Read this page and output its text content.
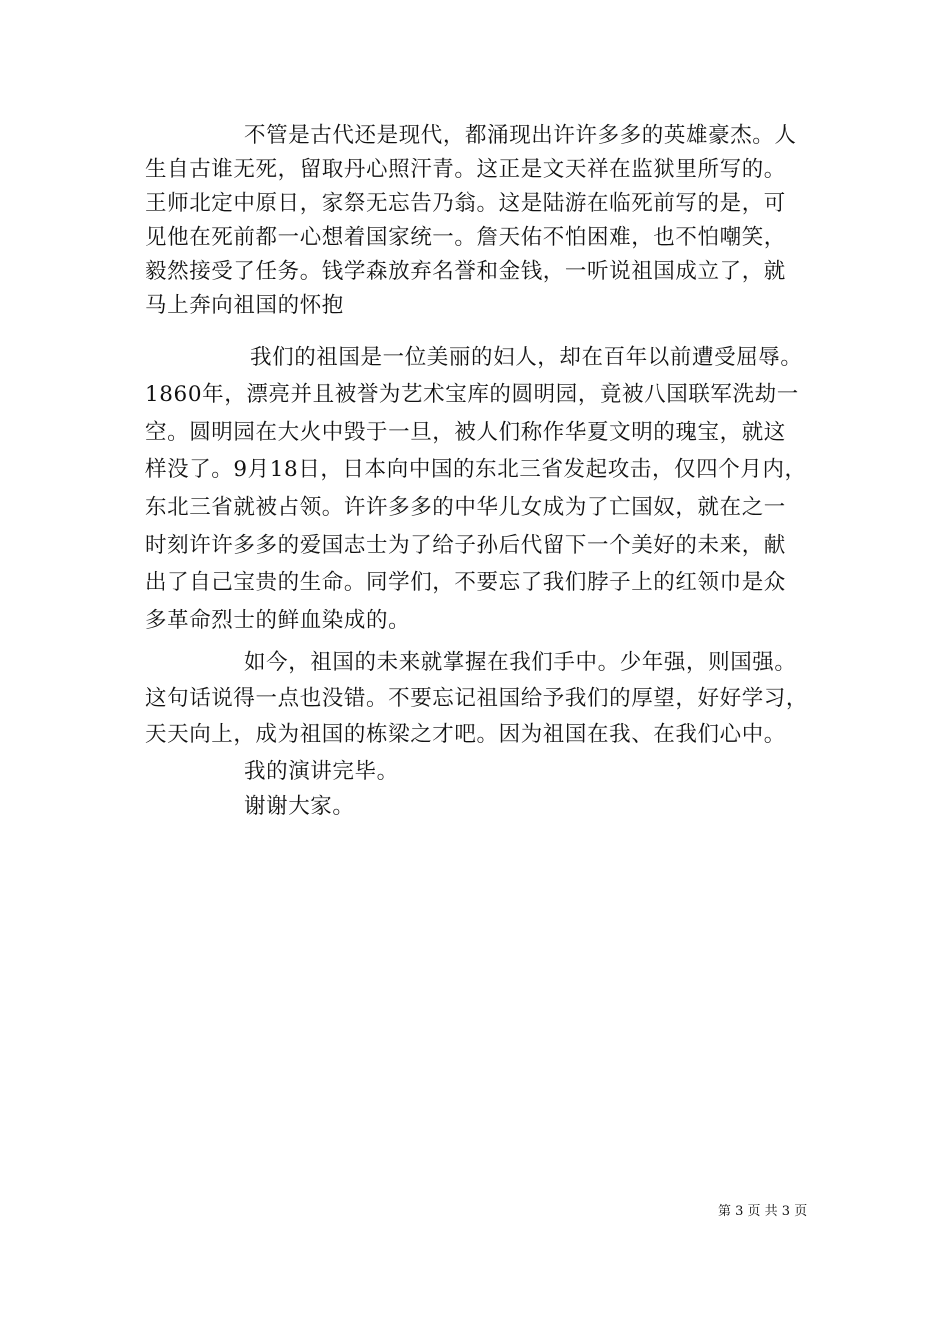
不管是古代还是现代，都涌现出许许多多的英雄豪杰。人
生自古谁无死，留取丹心照汗青。这正是文天祥在监狱里所写的。
王师北定中原日，家祭无忘告乃翁。这是陆游在临死前写的是，可
见他在死前都一心想着国家统一。詹天佑不怕困难，也不怕嘲笑，
毅然接受了任务。钱学森放弃名誉和金钱，一听说祖国成立了，就
马上奔向祖国的怀抱
我们的祖国是一位美丽的妇人，却在百年以前遭受屈辱。
1860年，漂亮并且被誉为艺术宝库的圆明园，竟被八国联军洗劫一
空。圆明园在大火中毁于一旦，被人们称作华夏文明的瑰宝，就这
样没了。9月18日，日本向中国的东北三省发起攻击，仅四个月内，
东北三省就被占领。许许多多的中华儿女成为了亡国奴，就在之一
时刻许许多多的爱国志士为了给子孙后代留下一个美好的未来，献
出了自己宝贵的生命。同学们，不要忘了我们脖子上的红领巾是众
多革命烈士的鲜血染成的。
如今，祖国的未来就掌握在我们手中。少年强，则国强。
这句话说得一点也没错。不要忘记祖国给予我们的厚望，好好学习，
天天向上，成为祖国的栋梁之才吧。因为祖国在我、在我们心中。
我的演讲完毕。
谢谢大家。
第 3 页 共 3 页
